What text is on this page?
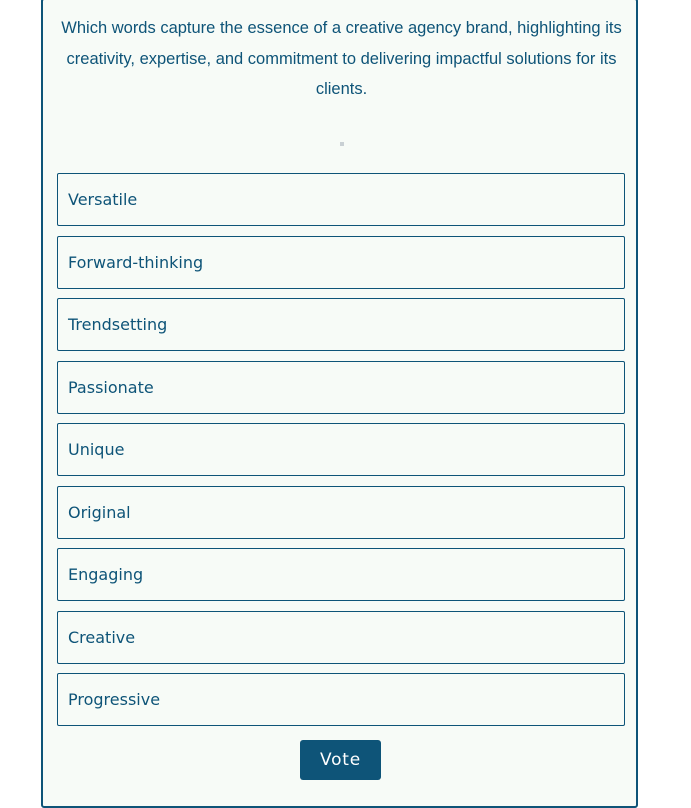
Which words capture the essence of a creative agency brand, highlighting its creativity, expertise, and commitment to delivering impactful solutions for its clients.
Versatile
Forward-thinking
Trendsetting
Passionate
Unique
Original
Engaging
Creative
Progressive
Vote
